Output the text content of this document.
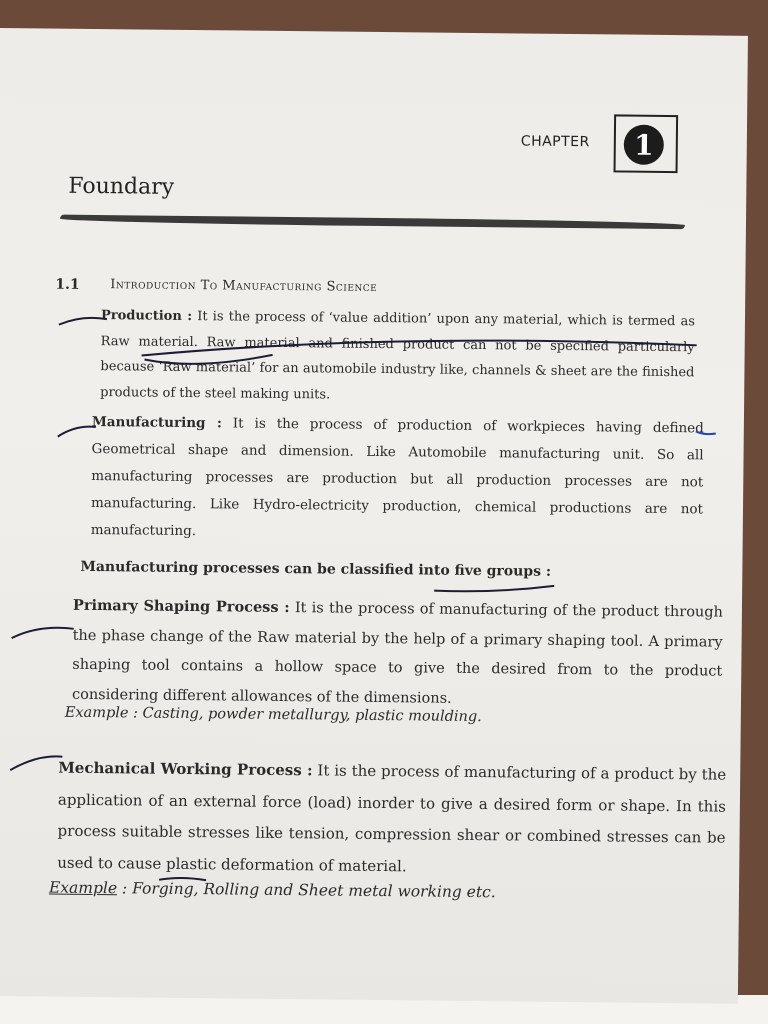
CHAPTER	1
Foundary
1.1 Introduction To Manufacturing Science

Production : It is the process of ‘value addition’ upon any material, which is termed as Raw material. Raw material and finished product can not be specified particularly because ‘Raw material’ for an automobile industry like, channels & sheet are the finished products of the steel making units.

Manufacturing : It is the process of production of workpieces having defined Geometrical shape and dimension. Like Automobile manufacturing unit. So all manufacturing processes are production but all production processes are not manufacturing. Like Hydro-electricity production, chemical productions are not manufacturing.

Manufacturing processes can be classified into five groups :

Primary Shaping Process : It is the process of manufacturing of the product through the phase change of the Raw material by the help of a primary shaping tool. A primary shaping tool contains a hollow space to give the desired from to the product considering different allowances of the dimensions.

Example : Casting, powder metallurgy, plastic moulding.

Mechanical Working Process : It is the process of manufacturing of a product by the application of an external force (load) inorder to give a desired form or shape. In this process suitable stresses like tension, compression shear or combined stresses can be used to cause plastic deformation of material.

Example : Forging, Rolling and Sheet metal working etc.
